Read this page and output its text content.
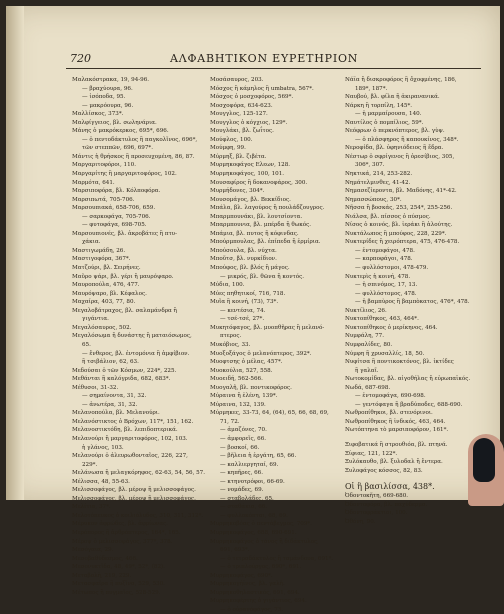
720	ΑΛΦΑΒΗΤΙΚΟΝ ΕΥΡΕΤΗΡΙΟΝ
Μαλακόστρακα, 19, 94-96.
— βραχύουρα, 96.
— ἰσόποδα, 95.
— μακρόουρα, 96.
Μαλλίσκος, 373*.
Μαλφίγγειος, βλ. σωληνάρια.
Μάνης ὁ μακρόκερκος, 695*, 696.
— ὁ πεντοδάκτυλος ἢ παγκολῖνος, 696*,
τῶν στεππῶν, 696, 697*.
Μάντις ἡ θρήσκος ἢ προσευχομένη, 86, 87.
Μαργαριτοφόροι, 110.
Μαργαρίτης ἢ μαργαριτοφόρος, 102.
Μαρμότα, 641.
Μαρσιποφόρα, βλ. Κόλποφόρα.
Μαρσιπωτά, 705-706.
Μαρσουπιακά, 658-706, 659.
— σαρκοφάγα, 705-706.
— φυτοφάγα, 698-705.
Μαρσουπιονές, βλ. ἀκροβάτες ἢ πτυ-
χάκια.
Μαστιγωμάδη, 26.
Μαστιγοφόρα, 367*.
Ματζούρι, βλ. Σειρήνες.
Μαῦρο ψάρι, βλ. γέρι ἢ μαυρόψαρο.
Μαυροπούλα, 476, 477.
Μαυρόψαρο, βλ. Κέφαλος.
Μαχαίρα, 403, 77, 80.
Μεγαλοβάτραχος, βλ. σαλαμάνδρα ἢ
γιγάντια.
Μεγαλόσαυρος, 502.
Μεγαλόσωμα ἢ δυνάστης ἢ ματαιόσωμος,
65.
— ἔνθερος, βλ. ἐντομόνια ἢ ἀμφίβιον.
ἢ τσιβάλιον, 62, 63.
Μεδούσαι ὁ τῶν Κόσμων, 224*, 225.
Μεθάνται ἢ καλόγριδα, 682, 683*.
Μέθυσοι, 31-32.
— σημαίνοντα, 31, 32.
— ἀνωτέρα, 31, 32.
Μελανοπούλα, βλ. Μελανούρι.
Μελανόστικτος ὁ Βρόχων, 117*, 151, 162.
Μελανοστικτόδη, βλ. λεπιδοπτερικά.
Μελανούρι ἢ μαργαριτοφόρος, 102, 103.
ἡ γλάνος, 103.
Μελανούρι ὁ ἀλευρωθονταῖος, 226, 227,
229*.
Μελάνωσα ἢ μελαγκόρηφος, 62-63, 54, 56, 57.
Μέλισσα, 48, 55-63.
Μελισσοφάγος, βλ. μέροψ ἢ μελισσοφάγος.
Μελισσοφάγος, βλ. μέροψ ἢ μελισσοφάγος.
Μελίτια, 37*.
Μελοτόπευκος ὁ κοιλιόλυδος, 310, 311, 312*.
Μέρυκον ἀφρώδες, βλ. ἀφρίωνας.
Μερόπορος ἢ ἀρθρόπτερος, 164*, 165.
Μέροψ ὁ μελισσοφάγος, 377*, 378.
Μεσόγαια, 29.
Μεσοβαθύδεσμος, 466.
Μεσονυκτῖδα, 48, 49*, 52*, (82).
Μεταβολὴ, 219, 229.
Μετασφαῖρα ἢ πυξῖνα, 529, 530.
Μέτωπος ἢ πυγμαῖος, 528-529.
Μοσάσαυρος, 203.
Μόσχος ἢ κάμηλος ἢ umbatra, 567*.
Μόσχος ὁ μοσχοφόρος, 569*.
Μοσχοφόρα, 634-623.
Μουγγλος, 125-127.
Μουγγλος ὁ κόγχιος, 129*.
Μουγλάκι, βλ. ζωΐτος.
Μούφλος, 100.
Μούμφη, 99.
Μύρμηξ, βλ. ζιβέτα.
Μυρμηκοφάγος Ελεων, 128.
Μυρμηκοφάγος, 100, 101.
Μουσαφίρος ἢ δοκανοφάρος, 300.
Μυρμήδονες, 304*.
Μουσομάγος, βλ. Βεκκίδιος.
Μπάλα, βλ. λαγούρος ἢ πουλάδζουγρος.
Μπαρμπουνάκι, βλ. λουτσίοντα.
Μπαρμπουνια, βλ. μπέρδα ἢ θωκός.
Μπάμια, βλ. πυτος ἢ κόφινδας.
Μπούρμπουλας, βλ. ἐπίπεδα ἢ ἐρμίρια.
Μπούσουλα, βλ. νύχτα.
Μποῦτσ, βλ. νυρκίδιον.
Μπούφος, βλ. βλός ἢ μάγος.
— μικρός, βλ. θῶνα ἢ κοντός.
Μύδια, 100.
Μύες πηθητικοί, 716, 718.
Μυῖα ἢ κοινή, (73), 73*.
— κεντέσια, 74.
— τσέ-τσέ, 27*.
Μυκητόφαγος, βλ. μυοπθῆρας ἢ μελανό-
πτερος.
Μυκόβιος, 33.
Μυοξοξάγος ὁ μελανόπτερος, 392*.
Μυοφτσης ὁ μέλας, 457*.
Μυοκούλια, 527, 558.
Μυοειδή, 562-566.
Μυογαλῆ, βλ. ποντικοφόρος.
Μύραινα ἢ ἑλένη, 139*.
Μύραινα, 132, 139.
Μύρμηκες, 33-73, 64, (64), 65, 66, 68, 69,
71, 72.
— ἀμαζόνες, 70.
— ἀμφορεῖς, 66.
— βοσκοί, 66.
— βῆλεια ἡ ἐργάτη, 65, 66.
— καλλιεργηταί, 69.
— κηπῆρες, 66.
— κτηνοτρόφοι, 66-69.
— νομάδες, 69.
— σταβολάδες, 65.
— σταθάκια, 66.
— φυλλοκόπται, 68, 69.
Μυρμηκοβόας ὁ πεντάβεγμος, 709*.
Μυρμηκοφάγος, 688, 690-691.
Μυρμηκοφάγος ὁ τάνος ἢ διδάκτυλος,
691, 693*.
— ὁ τετραδάκτυλος ἢ ταμάνδουα, 691*.
— ὁ τριπλούργος, 690*, 691.
Μυρμηκοφάγος, 690*.
Μυρμηκογήϊνος, βλ. γαλῆ.
Μυρμηκοθηλαστικός, 691, 694.
Μυρμηκοφέρτης ὁ γιγάντιος, 694.
— ὁ οὐρανόφάγος, 73.
Νάϊα ἢ δισκροφόρος ἢ ὄχοφμένης, 186,
189*, 187*.
Ναυβού, βλ. φίλα ἢ ἀκιρανανικά.
Νάρκη ἢ τορπίλη, 145*.
— ἡ μαρμαίρουσα, 140.
Ναυτίλος ὁ πομπίλιος, 59*.
Νεόφρων ὁ περκνόπτερος, βλ. γὺψ.
— ὁ πλάσφηρος ἢ καπουκίνος, 348*.
Νεροφίδα, βλ. ὑφηνιόδειος ἢ ἔδρα.
Νέστωρ ὁ σφρίγενος ἢ ὀρεσίβιος, 305,
306*, 307.
Νηκτικά, 214, 253-282.
Νημάτελμινθες, 41-42.
Νημασεζίεροντα, βλ. Μαδόνης, 41*-42.
Νημασσώπους, 30*.
Νῆσσα ἢ βοσκάς, 253, 254*, 255-256.
Νιάλσα, βλ. πίσσος ὁ πύσμος.
Νίσος ὁ κοινός, βλ. ἱεράκι ἢ ἀλούτης.
Νυκτάλωπος ἢ μπούφος, 228, 229*.
Νυκτερίδες ἢ χειρόπτερα, 475, 476-478.
— ἐντομοφάγοι, 478.
— καρποφάγοι, 478.
— φυλλόστομοι, 478-479.
Νυκτερὶς ἡ κοινή, 478.
— ἡ σπινόμος, 17, 13.
— φυλλόστομος, 478.
— ἡ βαμπὺρος ἢ βαμπὸκατος, 476*, 478.
Νυκτίλιος, 26.
Νυκτοπίθηκος, 463, 464*.
Νυκτοπίθηκος ὁ μερίκηνος, 464.
Νυμφάλη, 77.
Νυμφαλίδες, 80.
Νύμφη ἢ χρυσαλλίς, 18, 50.
Νυφίτσα ἢ ποντικοκτόνος, βλ. ἰκτίδες
ἢ γαλαῖ.
Νωτοκομίδας, βλ. αἰγοθήλας ἢ εὐρωπαϊκός.
Νωδά, 687-698.
— ἐντομοφάγα, 690-698.
— γεντόφαγα ἢ βραδύποδες, 688-690.
Νωθροπίθηκοι, βλ. στενόρινοι.
Νωθροπίθηκος ἢ ἰνδικός, 463, 464.
Νωτόπτηνα τὸ μαρσιποφόρον, 161*.
Ξιφοβατικά ἢ στρουθιόα, βλ. πτηνά.
Ξίφιας, 121, 122*.
Ξυλόκαυθο, βλ. ξυλοδαλ ἢ ἔντερα.
Ξυλοφάγος κόσσος, 82, 83.
Οἱ ἢ βασιλίσσα, 438*.
Ὀδοντοκῆτη, 669-680.
Ὀδοντοφόρα, βλ. παχύδερμα.
Ὀδοντοφράκτιοι, 100.
Ὀθόνη, 90.
